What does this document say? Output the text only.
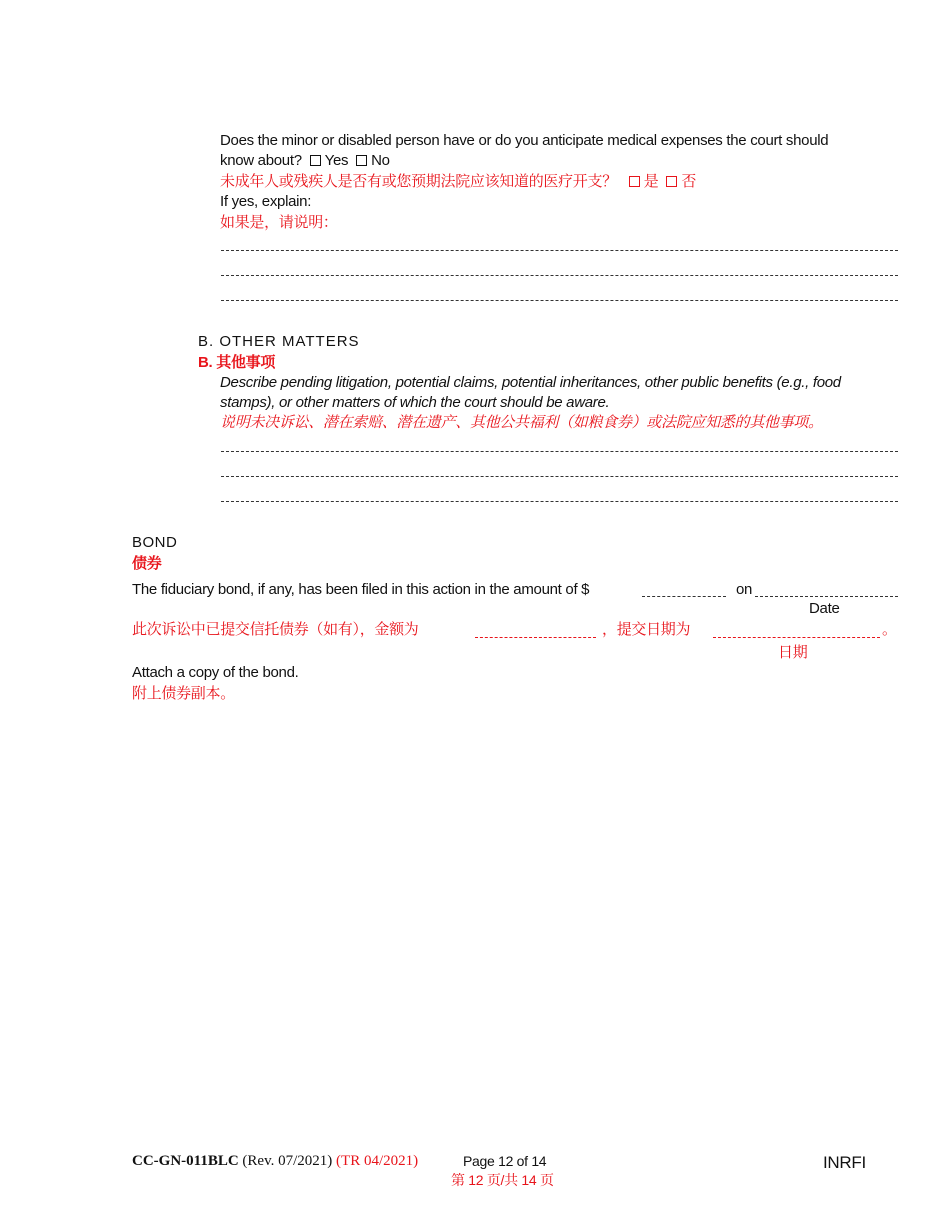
Does the minor or disabled person have or do you anticipate medical expenses the court should
know about? Yes No
未成年人或残疾人是否有或您预期法院应该知道的医疗开支？ 是 否
If yes, explain:
如果是，请说明：
B. OTHER MATTERS
B. 其他事项
Describe pending litigation, potential claims, potential inheritances, other public benefits (e.g., food
stamps), or other matters of which the court should be aware.
说明未决诉讼、潜在索赔、潜在遗产、其他公共福利（如粮食券）或法院应知悉的其他事项。
BOND
债券
The fiduciary bond, if any, has been filed in this action in the amount of $	on
Date
此次诉讼中已提交信托债券（如有），金额为	，提交日期为	。
日期
Attach a copy of the bond.
附上债券副本。
CC-GN-011BLC (Rev. 07/2021) (TR 04/2021)	Page 12 of 14
第 12 页/共 14 页
INRFI
